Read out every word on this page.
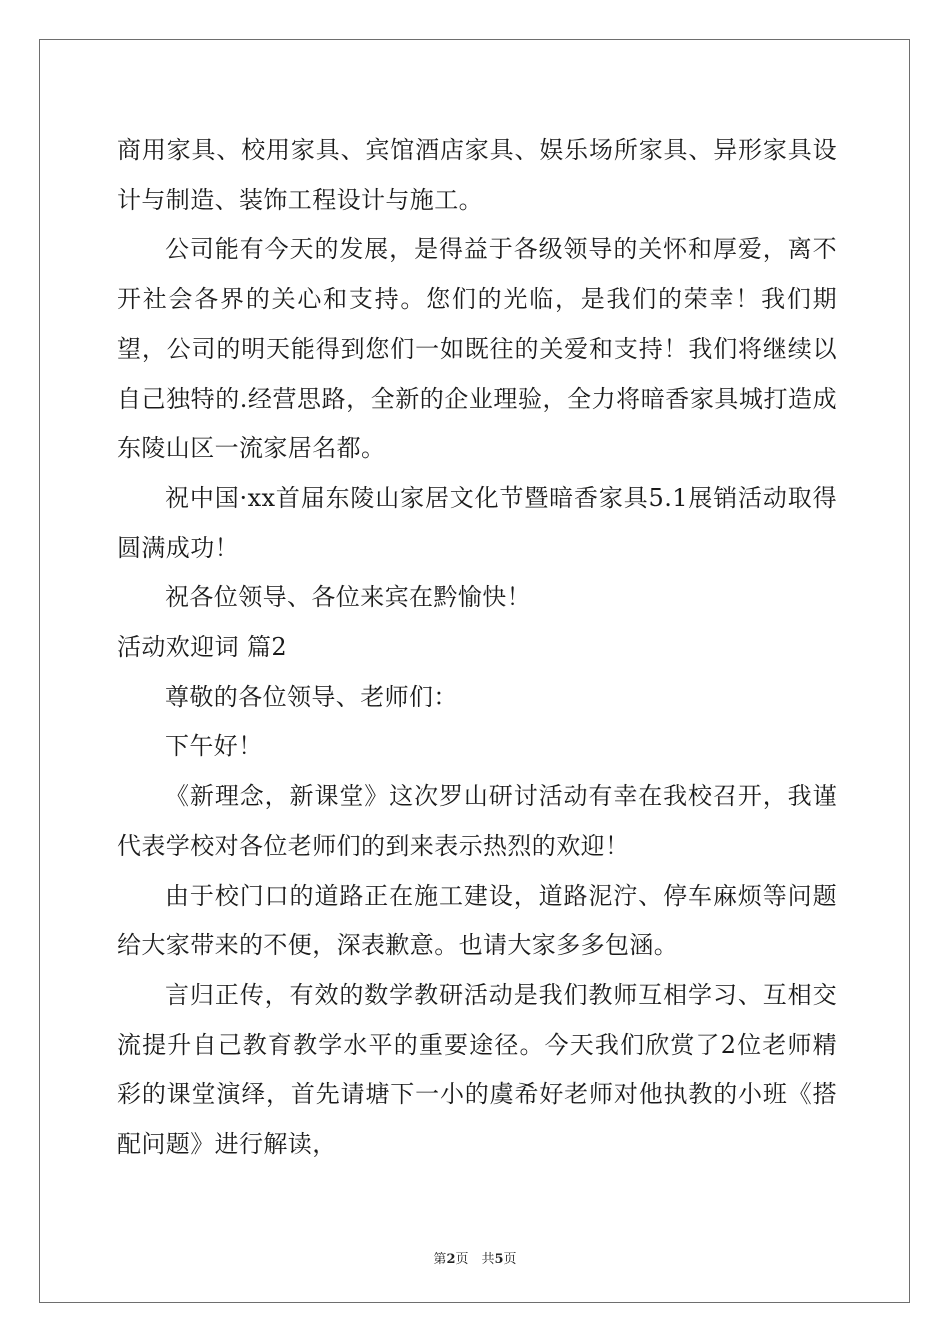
商用家具、校用家具、宾馆酒店家具、娱乐场所家具、异形家具设计与制造、装饰工程设计与施工。

公司能有今天的发展，是得益于各级领导的关怀和厚爱，离不开社会各界的关心和支持。您们的光临，是我们的荣幸！我们期望，公司的明天能得到您们一如既往的关爱和支持！我们将继续以自己独特的.经营思路，全新的企业理验，全力将暗香家具城打造成东陵山区一流家居名都。

祝中国·xx首届东陵山家居文化节暨暗香家具5.1展销活动取得圆满成功！

祝各位领导、各位来宾在黔愉快！

活动欢迎词 篇2

尊敬的各位领导、老师们：

下午好！

《新理念，新课堂》这次罗山研讨活动有幸在我校召开，我谨代表学校对各位老师们的到来表示热烈的欢迎！

由于校门口的道路正在施工建设，道路泥泞、停车麻烦等问题给大家带来的不便，深表歉意。也请大家多多包涵。

言归正传，有效的数学教研活动是我们教师互相学习、互相交流提升自己教育教学水平的重要途径。今天我们欣赏了2位老师精彩的课堂演绎，首先请塘下一小的虞希好老师对他执教的小班《搭配问题》进行解读，

第2页　共5页
